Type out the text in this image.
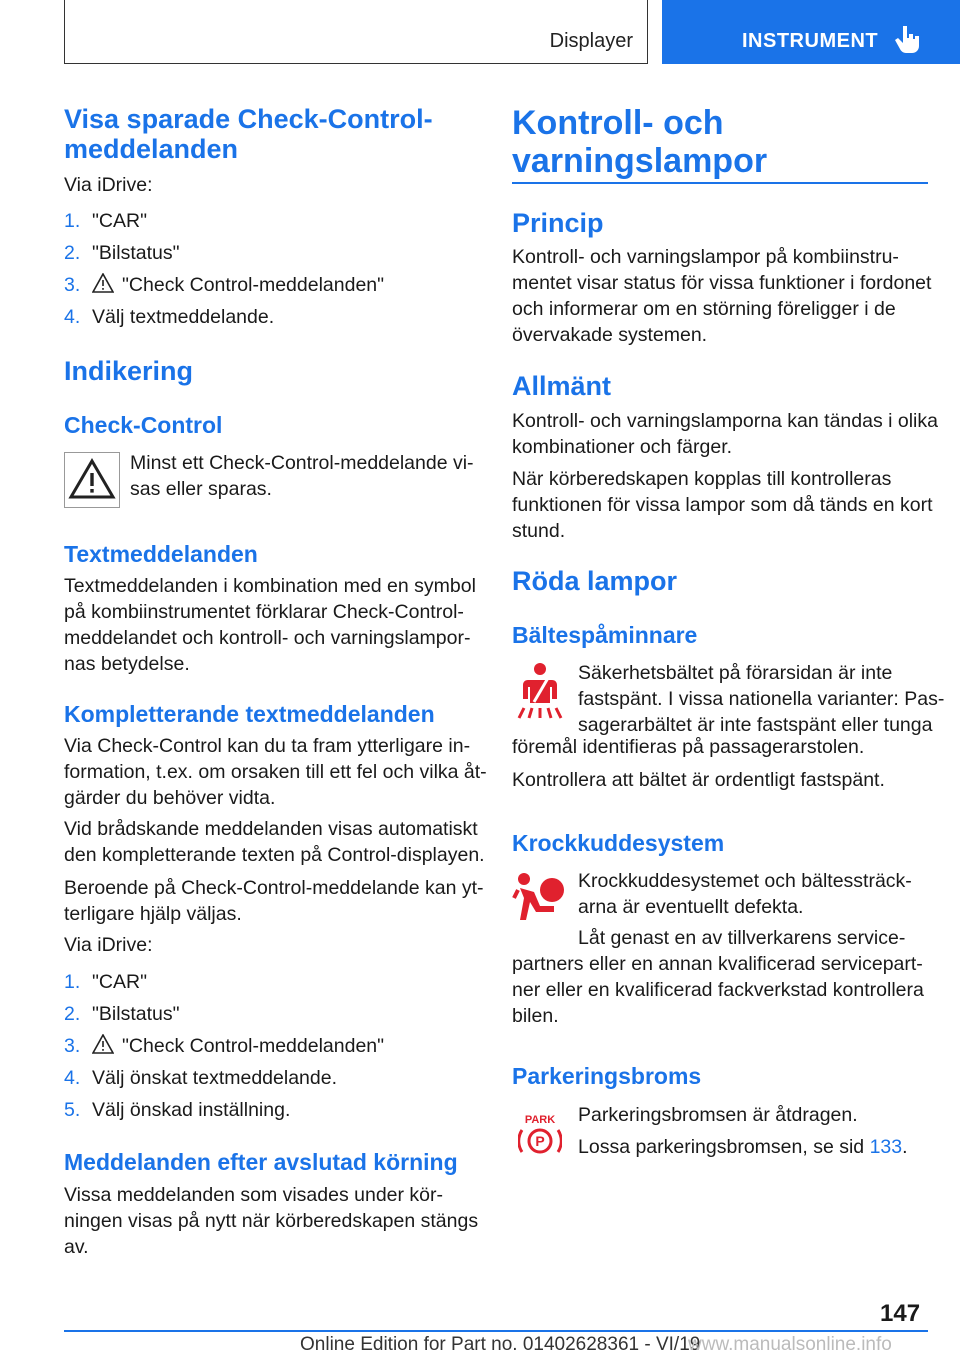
Displayer	INSTRUMENT
Visa sparade Check-Control-
meddelanden
Via iDrive:
1. "CAR"
2. "Bilstatus"
3. "Check Control-meddelanden"
4. Välj textmeddelande.
Indikering
Check-Control
Minst ett Check-Control-meddelande vi-
sas eller sparas.
Textmeddelanden
Textmeddelanden i kombination med en symbol
på kombiinstrumentet förklarar Check-Control-
meddelandet och kontroll- och varningslampor-
nas betydelse.
Kompletterande textmeddelanden
Via Check-Control kan du ta fram ytterligare in-
formation, t.ex. om orsaken till ett fel och vilka åt-
gärder du behöver vidta.
Vid brådskande meddelanden visas automatiskt
den kompletterande texten på Control-displayen.
Beroende på Check-Control-meddelande kan yt-
terligare hjälp väljas.
Via iDrive:
1. "CAR"
2. "Bilstatus"
3. "Check Control-meddelanden"
4. Välj önskat textmeddelande.
5. Välj önskad inställning.
Meddelanden efter avslutad körning
Vissa meddelanden som visades under kör-
ningen visas på nytt när körberedskapen stängs
av.
Kontroll- och
varningslampor
Princip
Kontroll- och varningslampor på kombiinstru-
mentet visar status för vissa funktioner i fordonet
och informerar om en störning föreligger i de
övervakade systemen.
Allmänt
Kontroll- och varningslamporna kan tändas i olika
kombinationer och färger.
När körberedskapen kopplas till kontrolleras
funktionen för vissa lampor som då tänds en kort
stund.
Röda lampor
Bältespåminnare
Säkerhetsbältet på förarsidan är inte
fastspänt. I vissa nationella varianter: Pas-
sagerarbältet är inte fastspänt eller tunga
föremål identifieras på passagerarstolen.
Kontrollera att bältet är ordentligt fastspänt.
Krockkuddesystem
Krockkuddesystemet och bältessträck-
arna är eventuellt defekta.
Låt genast en av tillverkarens service-
partners eller en annan kvalificerad servicepart-
ner eller en kvalificerad fackverkstad kontrollera
bilen.
Parkeringsbroms
PARK
P
Parkeringsbromsen är åtdragen.
Lossa parkeringsbromsen, se sid 133.
147
Online Edition for Part no. 01402628361 - VI/19
www.manualsonline.info
